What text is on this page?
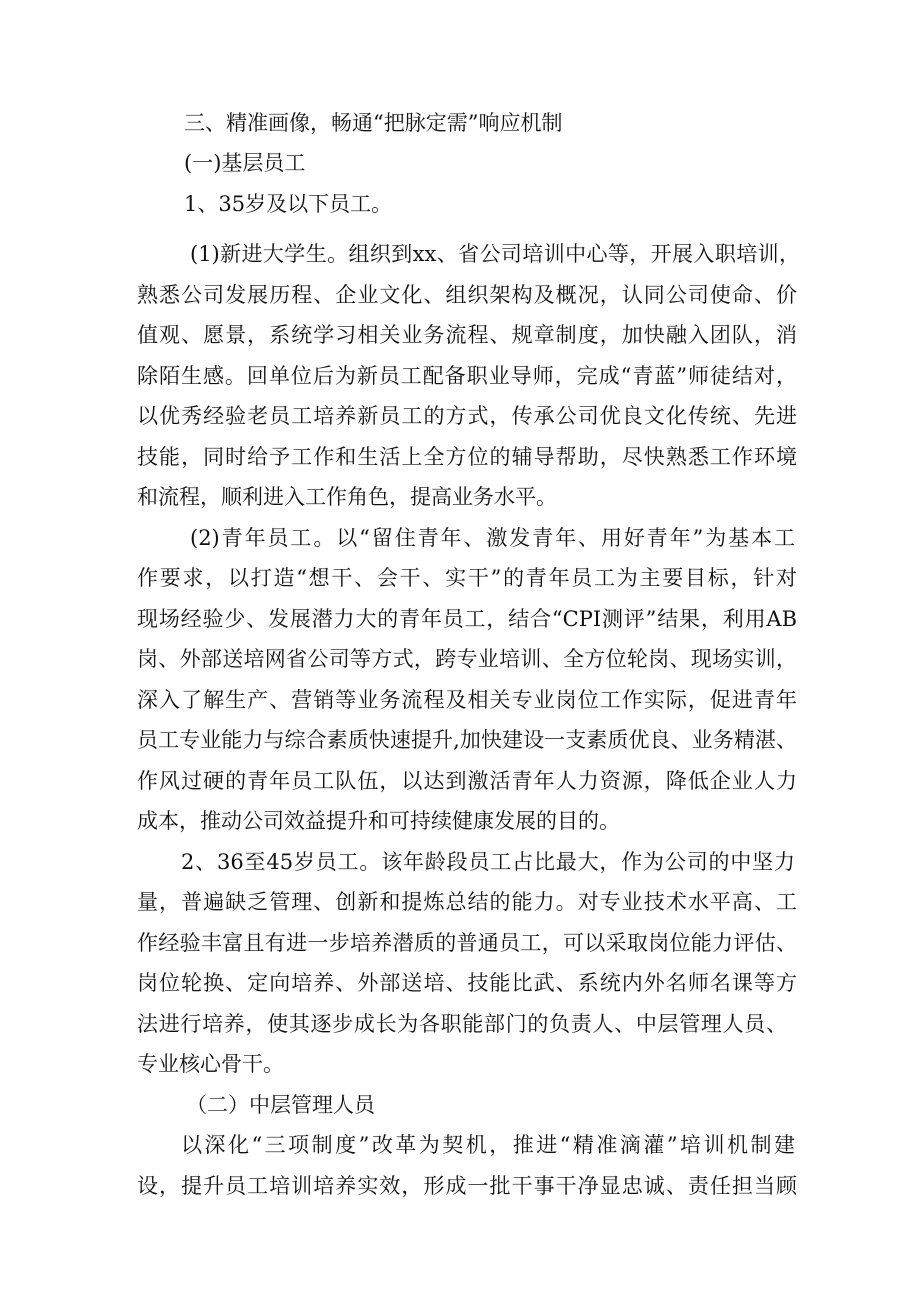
三、精准画像，畅通“把脉定需”响应机制

(一)基层员工

1、35岁及以下员工。

(1)新进大学生。组织到xx、省公司培训中心等，开展入职培训，

熟悉公司发展历程、企业文化、组织架构及概况，认同公司使命、价

值观、愿景，系统学习相关业务流程、规章制度，加快融入团队，消

除陌生感。回单位后为新员工配备职业导师，完成“青蓝”师徒结对，

以优秀经验老员工培养新员工的方式，传承公司优良文化传统、先进

技能，同时给予工作和生活上全方位的辅导帮助，尽快熟悉工作环境

和流程，顺利进入工作角色，提高业务水平。

(2)青年员工。以“留住青年、激发青年、用好青年”为基本工

作要求，以打造“想干、会干、实干”的青年员工为主要目标，针对

现场经验少、发展潜力大的青年员工，结合“CPI测评”结果，利用AB

岗、外部送培网省公司等方式，跨专业培训、全方位轮岗、现场实训，

深入了解生产、营销等业务流程及相关专业岗位工作实际，促进青年

员工专业能力与综合素质快速提升,加快建设一支素质优良、业务精湛、

作风过硬的青年员工队伍，以达到激活青年人力资源，降低企业人力

成本，推动公司效益提升和可持续健康发展的目的。

2、36至45岁员工。该年龄段员工占比最大，作为公司的中坚力

量，普遍缺乏管理、创新和提炼总结的能力。对专业技术水平高、工

作经验丰富且有进一步培养潜质的普通员工，可以采取岗位能力评估、

岗位轮换、定向培养、外部送培、技能比武、系统内外名师名课等方

法进行培养，使其逐步成长为各职能部门的负责人、中层管理人员、

专业核心骨干。

（二）中层管理人员

以深化“三项制度”改革为契机，推进“精准滴灌”培训机制建

设，提升员工培训培养实效，形成一批干事干净显忠诚、责任担当顾
